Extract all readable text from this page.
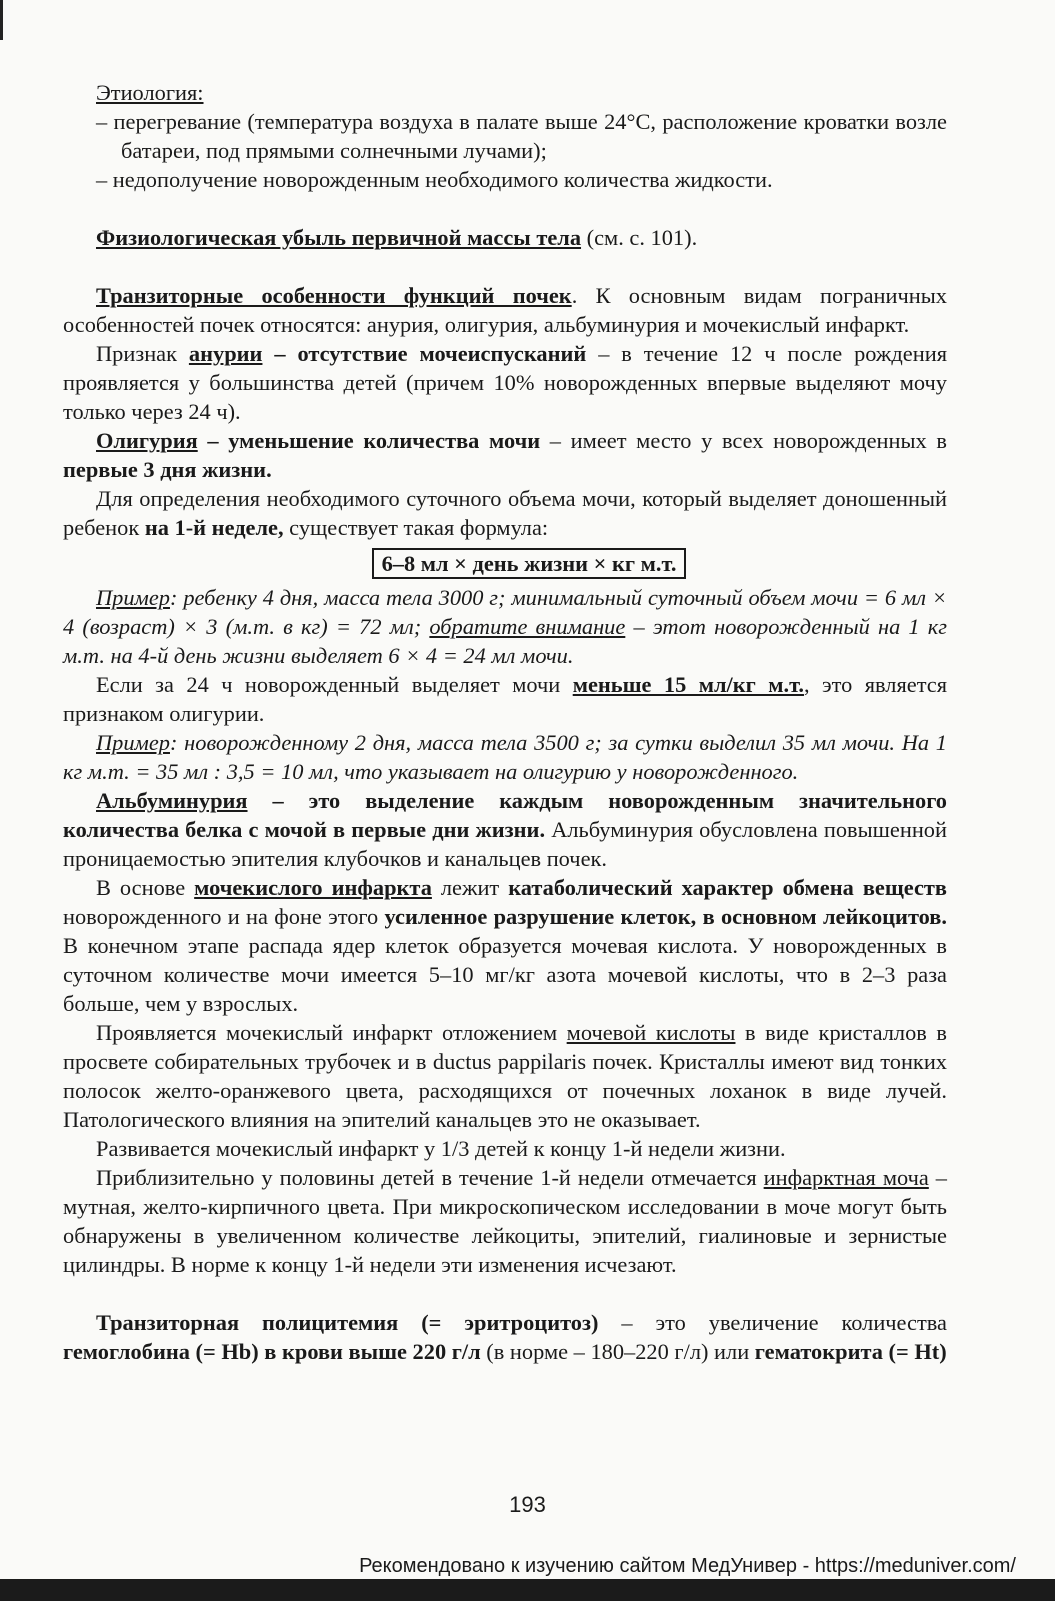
Этиология:

– перегревание (температура воздуха в палате выше 24°С, расположение кроватки возле батареи, под прямыми солнечными лучами);

– недополучение новорожденным необходимого количества жидкости.

Физиологическая убыль первичной массы тела (см. с. 101).

Транзиторные особенности функций почек. К основным видам пограничных особенностей почек относятся: анурия, олигурия, альбуминурия и мочекислый инфаркт.

Признак анурии – отсутствие мочеиспусканий – в течение 12 ч после рождения проявляется у большинства детей (причем 10% новорожденных впервые выделяют мочу только через 24 ч).

Олигурия – уменьшение количества мочи – имеет место у всех новорожденных в первые 3 дня жизни.

Для определения необходимого суточного объема мочи, который выделяет доношенный ребенок на 1-й неделе, существует такая формула:

6–8 мл × день жизни × кг м.т.

Пример: ребенку 4 дня, масса тела 3000 г; минимальный суточный объем мочи = 6 мл × 4 (возраст) × 3 (м.т. в кг) = 72 мл; обратите внимание – этот новорожденный на 1 кг м.т. на 4-й день жизни выделяет 6 × 4 = 24 мл мочи.

Если за 24 ч новорожденный выделяет мочи меньше 15 мл/кг м.т., это является признаком олигурии.

Пример: новорожденному 2 дня, масса тела 3500 г; за сутки выделил 35 мл мочи. На 1 кг м.т. = 35 мл : 3,5 = 10 мл, что указывает на олигурию у новорожденного.

Альбуминурия – это выделение каждым новорожденным значительного количества белка с мочой в первые дни жизни. Альбуминурия обусловлена повышенной проницаемостью эпителия клубочков и канальцев почек.

В основе мочекислого инфаркта лежит катаболический характер обмена веществ новорожденного и на фоне этого усиленное разрушение клеток, в основном лейкоцитов. В конечном этапе распада ядер клеток образуется мочевая кислота. У новорожденных в суточном количестве мочи имеется 5–10 мг/кг азота мочевой кислоты, что в 2–3 раза больше, чем у взрослых.

Проявляется мочекислый инфаркт отложением мочевой кислоты в виде кристаллов в просвете собирательных трубочек и в ductus pappilaris почек. Кристаллы имеют вид тонких полосок желто-оранжевого цвета, расходящихся от почечных лоханок в виде лучей. Патологического влияния на эпителий канальцев это не оказывает.

Развивается мочекислый инфаркт у 1/3 детей к концу 1-й недели жизни.

Приблизительно у половины детей в течение 1-й недели отмечается инфарктная моча – мутная, желто-кирпичного цвета. При микроскопическом исследовании в моче могут быть обнаружены в увеличенном количестве лейкоциты, эпителий, гиалиновые и зернистые цилиндры. В норме к концу 1-й недели эти изменения исчезают.

Транзиторная полицитемия (= эритроцитоз) – это увеличение количества гемоглобина (= Hb) в крови выше 220 г/л (в норме – 180–220 г/л) или гематокрита (= Ht)

193
Рекомендовано к изучению сайтом МедУнивер - https://meduniver.com/
